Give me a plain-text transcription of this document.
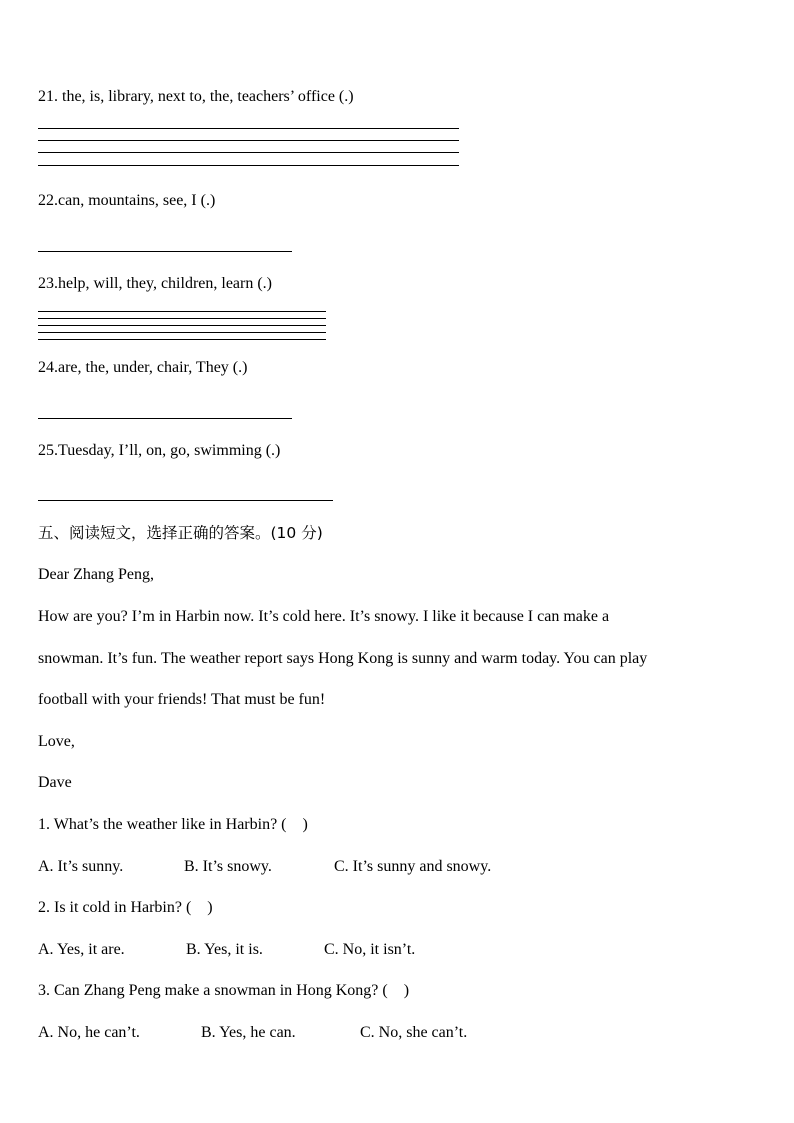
21. the, is, library, next to, the, teachers’ office (.)
22.can, mountains, see, I (.)
23.help, will, they, children, learn (.)
24.are, the, under, chair, They (.)
25.Tuesday, I’ll, on, go, swimming (.)
五、阅读短文，选择正确的答案。(10 分)
Dear Zhang Peng,
How are you? I’m in Harbin now. It’s cold here. It’s snowy. I like it because I can make a
snowman. It’s fun. The weather report says Hong Kong is sunny and warm today. You can play
football with your friends! That must be fun!
Love,
Dave
1. What’s the weather like in Harbin? (    )
A. It’s sunny.	B. It’s snowy.	C. It’s sunny and snowy.
2. Is it cold in Harbin? (    )
A. Yes, it are.	B. Yes, it is.	C. No, it isn’t.
3. Can Zhang Peng make a snowman in Hong Kong? (    )
A. No, he can’t.	B. Yes, he can.	C. No, she can’t.
